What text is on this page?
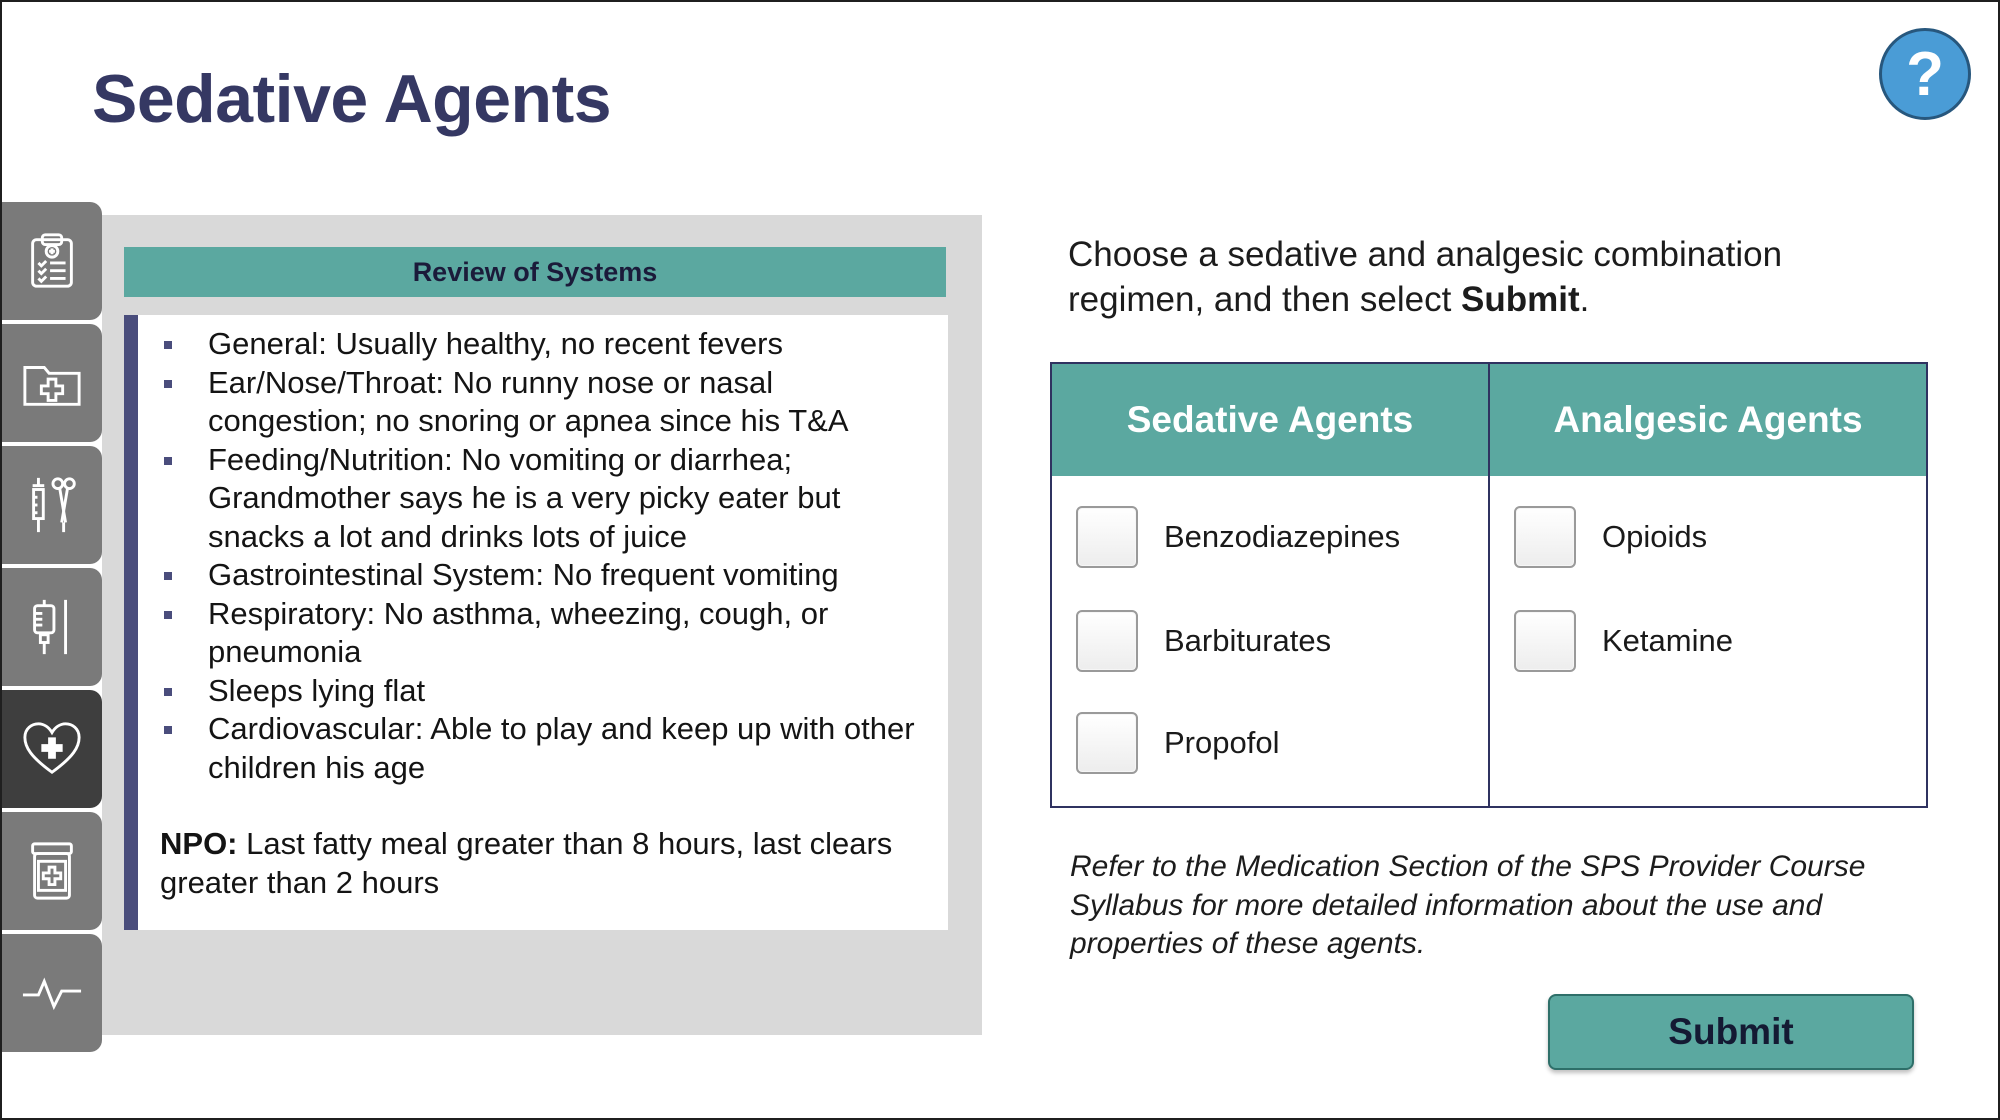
Sedative Agents	?
Review of Systems
General: Usually healthy, no recent fevers
Ear/Nose/Throat: No runny nose or nasal congestion; no snoring or apnea since his T&A
Feeding/Nutrition: No vomiting or diarrhea; Grandmother says he is a very picky eater but snacks a lot and drinks lots of juice
Gastrointestinal System: No frequent vomiting
Respiratory: No asthma, wheezing, cough, or pneumonia
Sleeps lying flat
Cardiovascular: Able to play and keep up with other children his age
NPO: Last fatty meal greater than 8 hours, last clears greater than 2 hours
Choose a sedative and analgesic combination regimen, and then select Submit.
Sedative Agents
Benzodiazepines
Barbiturates
Propofol
Analgesic Agents
Opioids
Ketamine
Refer to the Medication Section of the SPS Provider Course Syllabus for more detailed information about the use and properties of these agents.
Submit
